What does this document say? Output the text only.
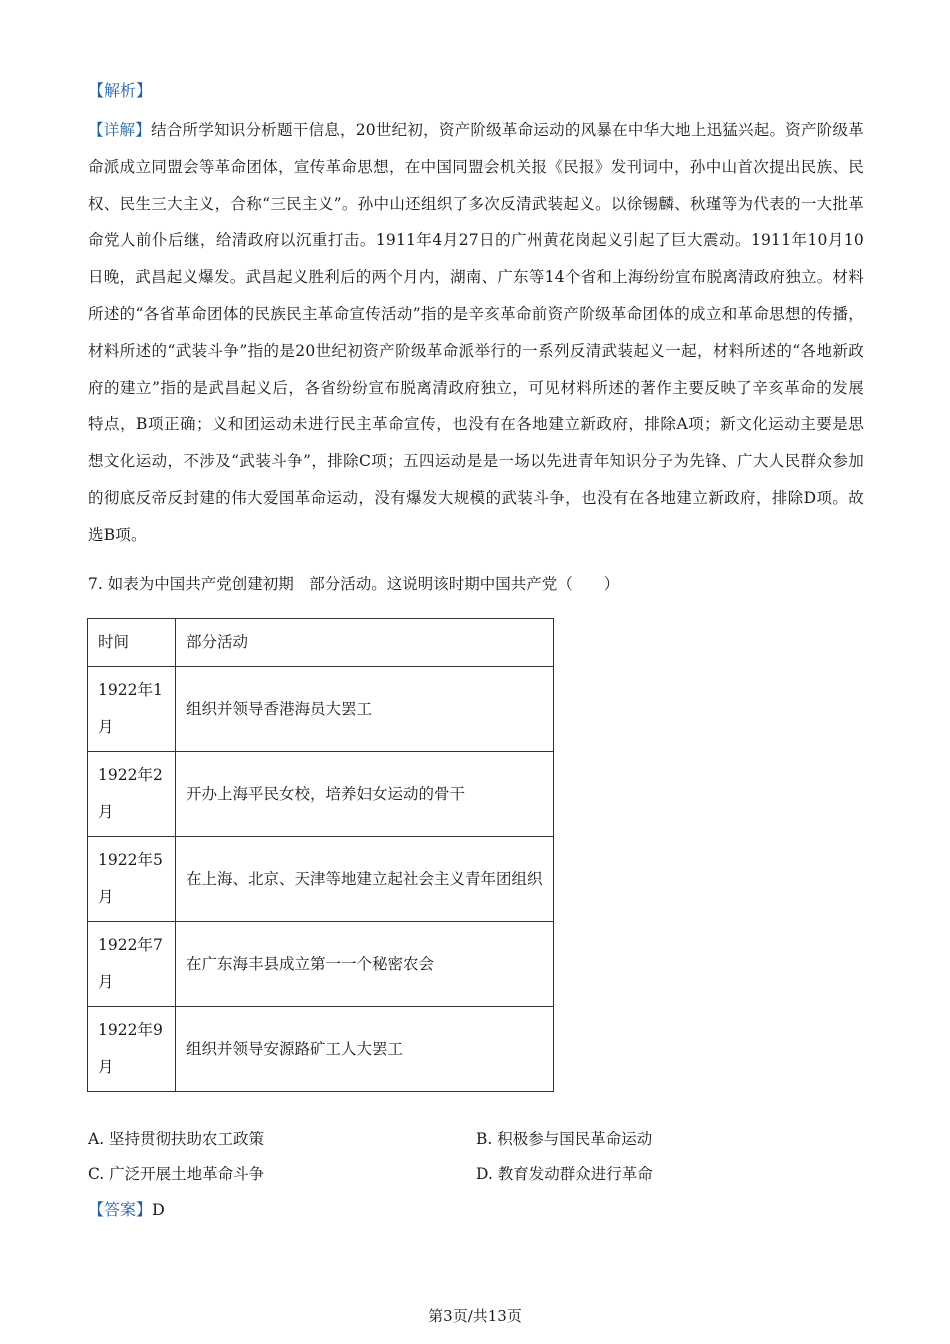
【解析】
【详解】结合所学知识分析题干信息，20世纪初，资产阶级革命运动的风暴在中华大地上迅猛兴起。资产阶级革命派成立同盟会等革命团体，宣传革命思想，在中国同盟会机关报《民报》发刊词中，孙中山首次提出民族、民权、民生三大主义，合称“三民主义”。孙中山还组织了多次反清武装起义。以徐锡麟、秋瑾等为代表的一大批革命党人前仆后继，给清政府以沉重打击。1911年4月27日的广州黄花岗起义引起了巨大震动。1911年10月10日晚，武昌起义爆发。武昌起义胜利后的两个月内，湖南、广东等14个省和上海纷纷宣布脱离清政府独立。材料所述的“各省革命团体的民族民主革命宣传活动”指的是辛亥革命前资产阶级革命团体的成立和革命思想的传播，材料所述的“武装斗争”指的是20世纪初资产阶级革命派举行的一系列反清武装起义一起，材料所述的“各地新政府的建立”指的是武昌起义后，各省纷纷宣布脱离清政府独立，可见材料所述的著作主要反映了辛亥革命的发展特点，B项正确；义和团运动未进行民主革命宣传，也没有在各地建立新政府，排除A项；新文化运动主要是思想文化运动，不涉及“武装斗争”，排除C项；五四运动是是一场以先进青年知识分子为先锋、广大人民群众参加的彻底反帝反封建的伟大爱国革命运动，没有爆发大规模的武装斗争，也没有在各地建立新政府，排除D项。故选B项。
7. 如表为中国共产党创建初期　部分活动。这说明该时期中国共产党（　　）
时间	部分活动
1922年1月	组织并领导香港海员大罢工
1922年2月	开办上海平民女校，培养妇女运动的骨干
1922年5月	在上海、北京、天津等地建立起社会主义青年团组织
1922年7月	在广东海丰县成立第一一个秘密农会
1922年9月	组织并领导安源路矿工人大罢工
A. 坚持贯彻扶助农工政策	B. 积极参与国民革命运动
C. 广泛开展土地革命斗争	D. 教育发动群众进行革命
【答案】D
第3页/共13页
